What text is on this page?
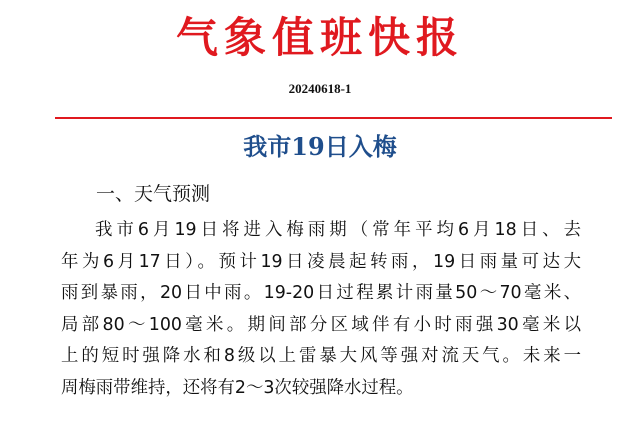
气象值班快报
20240618-1
我市19日入梅
一、天气预测
我市6月19日将进入梅雨期（常年平均6月18日、去
年为6月17日）。预计19日凌晨起转雨，19日雨量可达大
雨到暴雨，20日中雨。19-20日过程累计雨量50～70毫米、
局部80～100毫米。期间部分区域伴有小时雨强30毫米以
上的短时强降水和8级以上雷暴大风等强对流天气。未来一
周梅雨带维持，还将有2～3次较强降水过程。
